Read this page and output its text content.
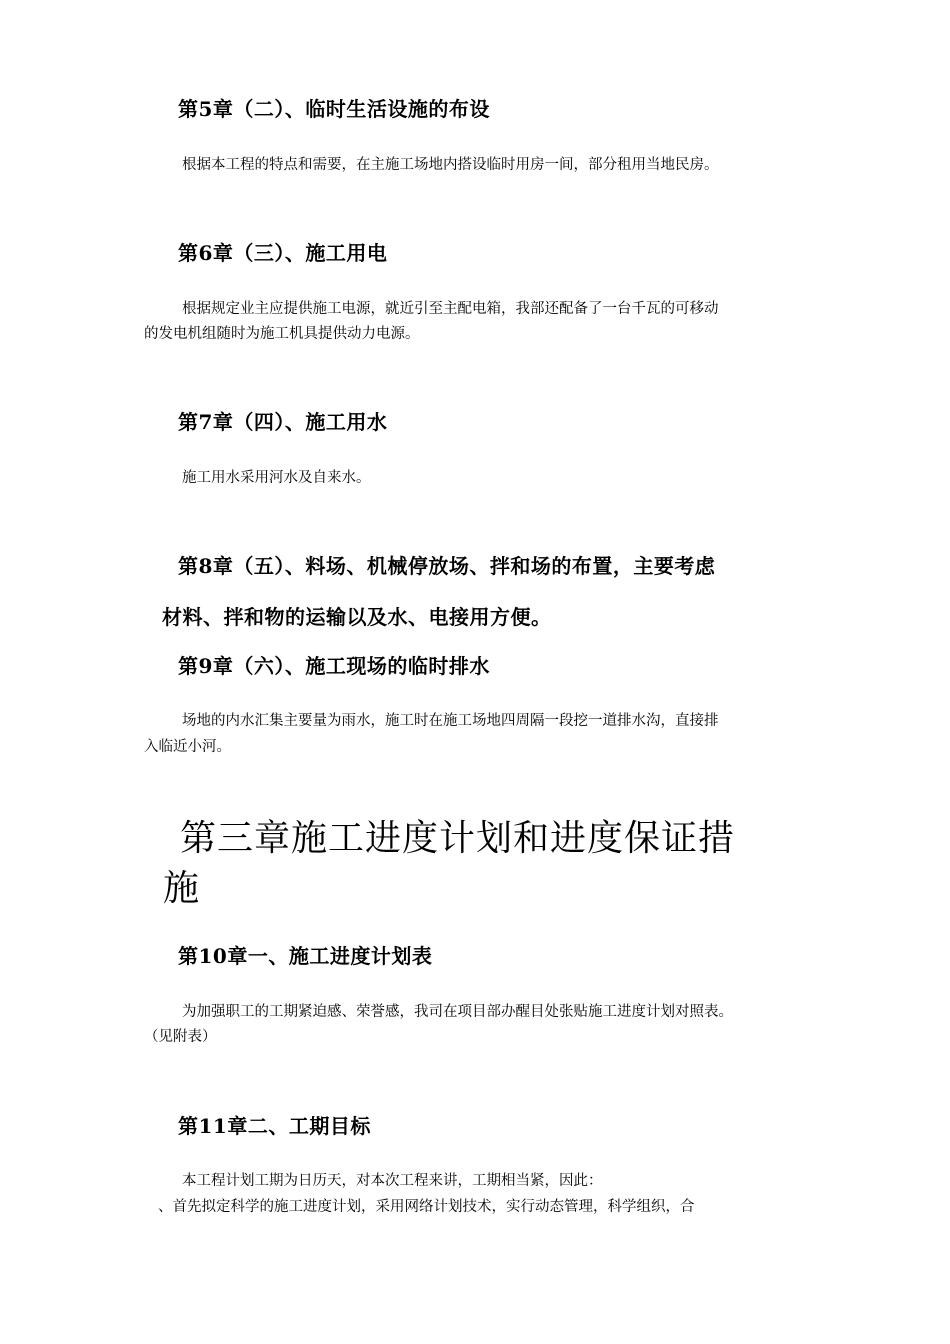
第5章（二）、临时生活设施的布设
根据本工程的特点和需要，在主施工场地内搭设临时用房一间，部分租用当地民房。
第6章（三）、施工用电
根据规定业主应提供施工电源，就近引至主配电箱，我部还配备了一台千瓦的可移动
的发电机组随时为施工机具提供动力电源。
第7章（四）、施工用水
施工用水采用河水及自来水。
第8章（五）、料场、机械停放场、拌和场的布置，主要考虑
材料、拌和物的运输以及水、电接用方便。
第9章（六）、施工现场的临时排水
场地的内水汇集主要量为雨水，施工时在施工场地四周隔一段挖一道排水沟，直接排
入临近小河。
第三章施工进度计划和进度保证措
施
第10章一、施工进度计划表
为加强职工的工期紧迫感、荣誉感，我司在项目部办醒目处张贴施工进度计划对照表。
（见附表）
第11章二、工期目标
本工程计划工期为日历天，对本次工程来讲，工期相当紧，因此：
、首先拟定科学的施工进度计划，采用网络计划技术，实行动态管理，科学组织，合
